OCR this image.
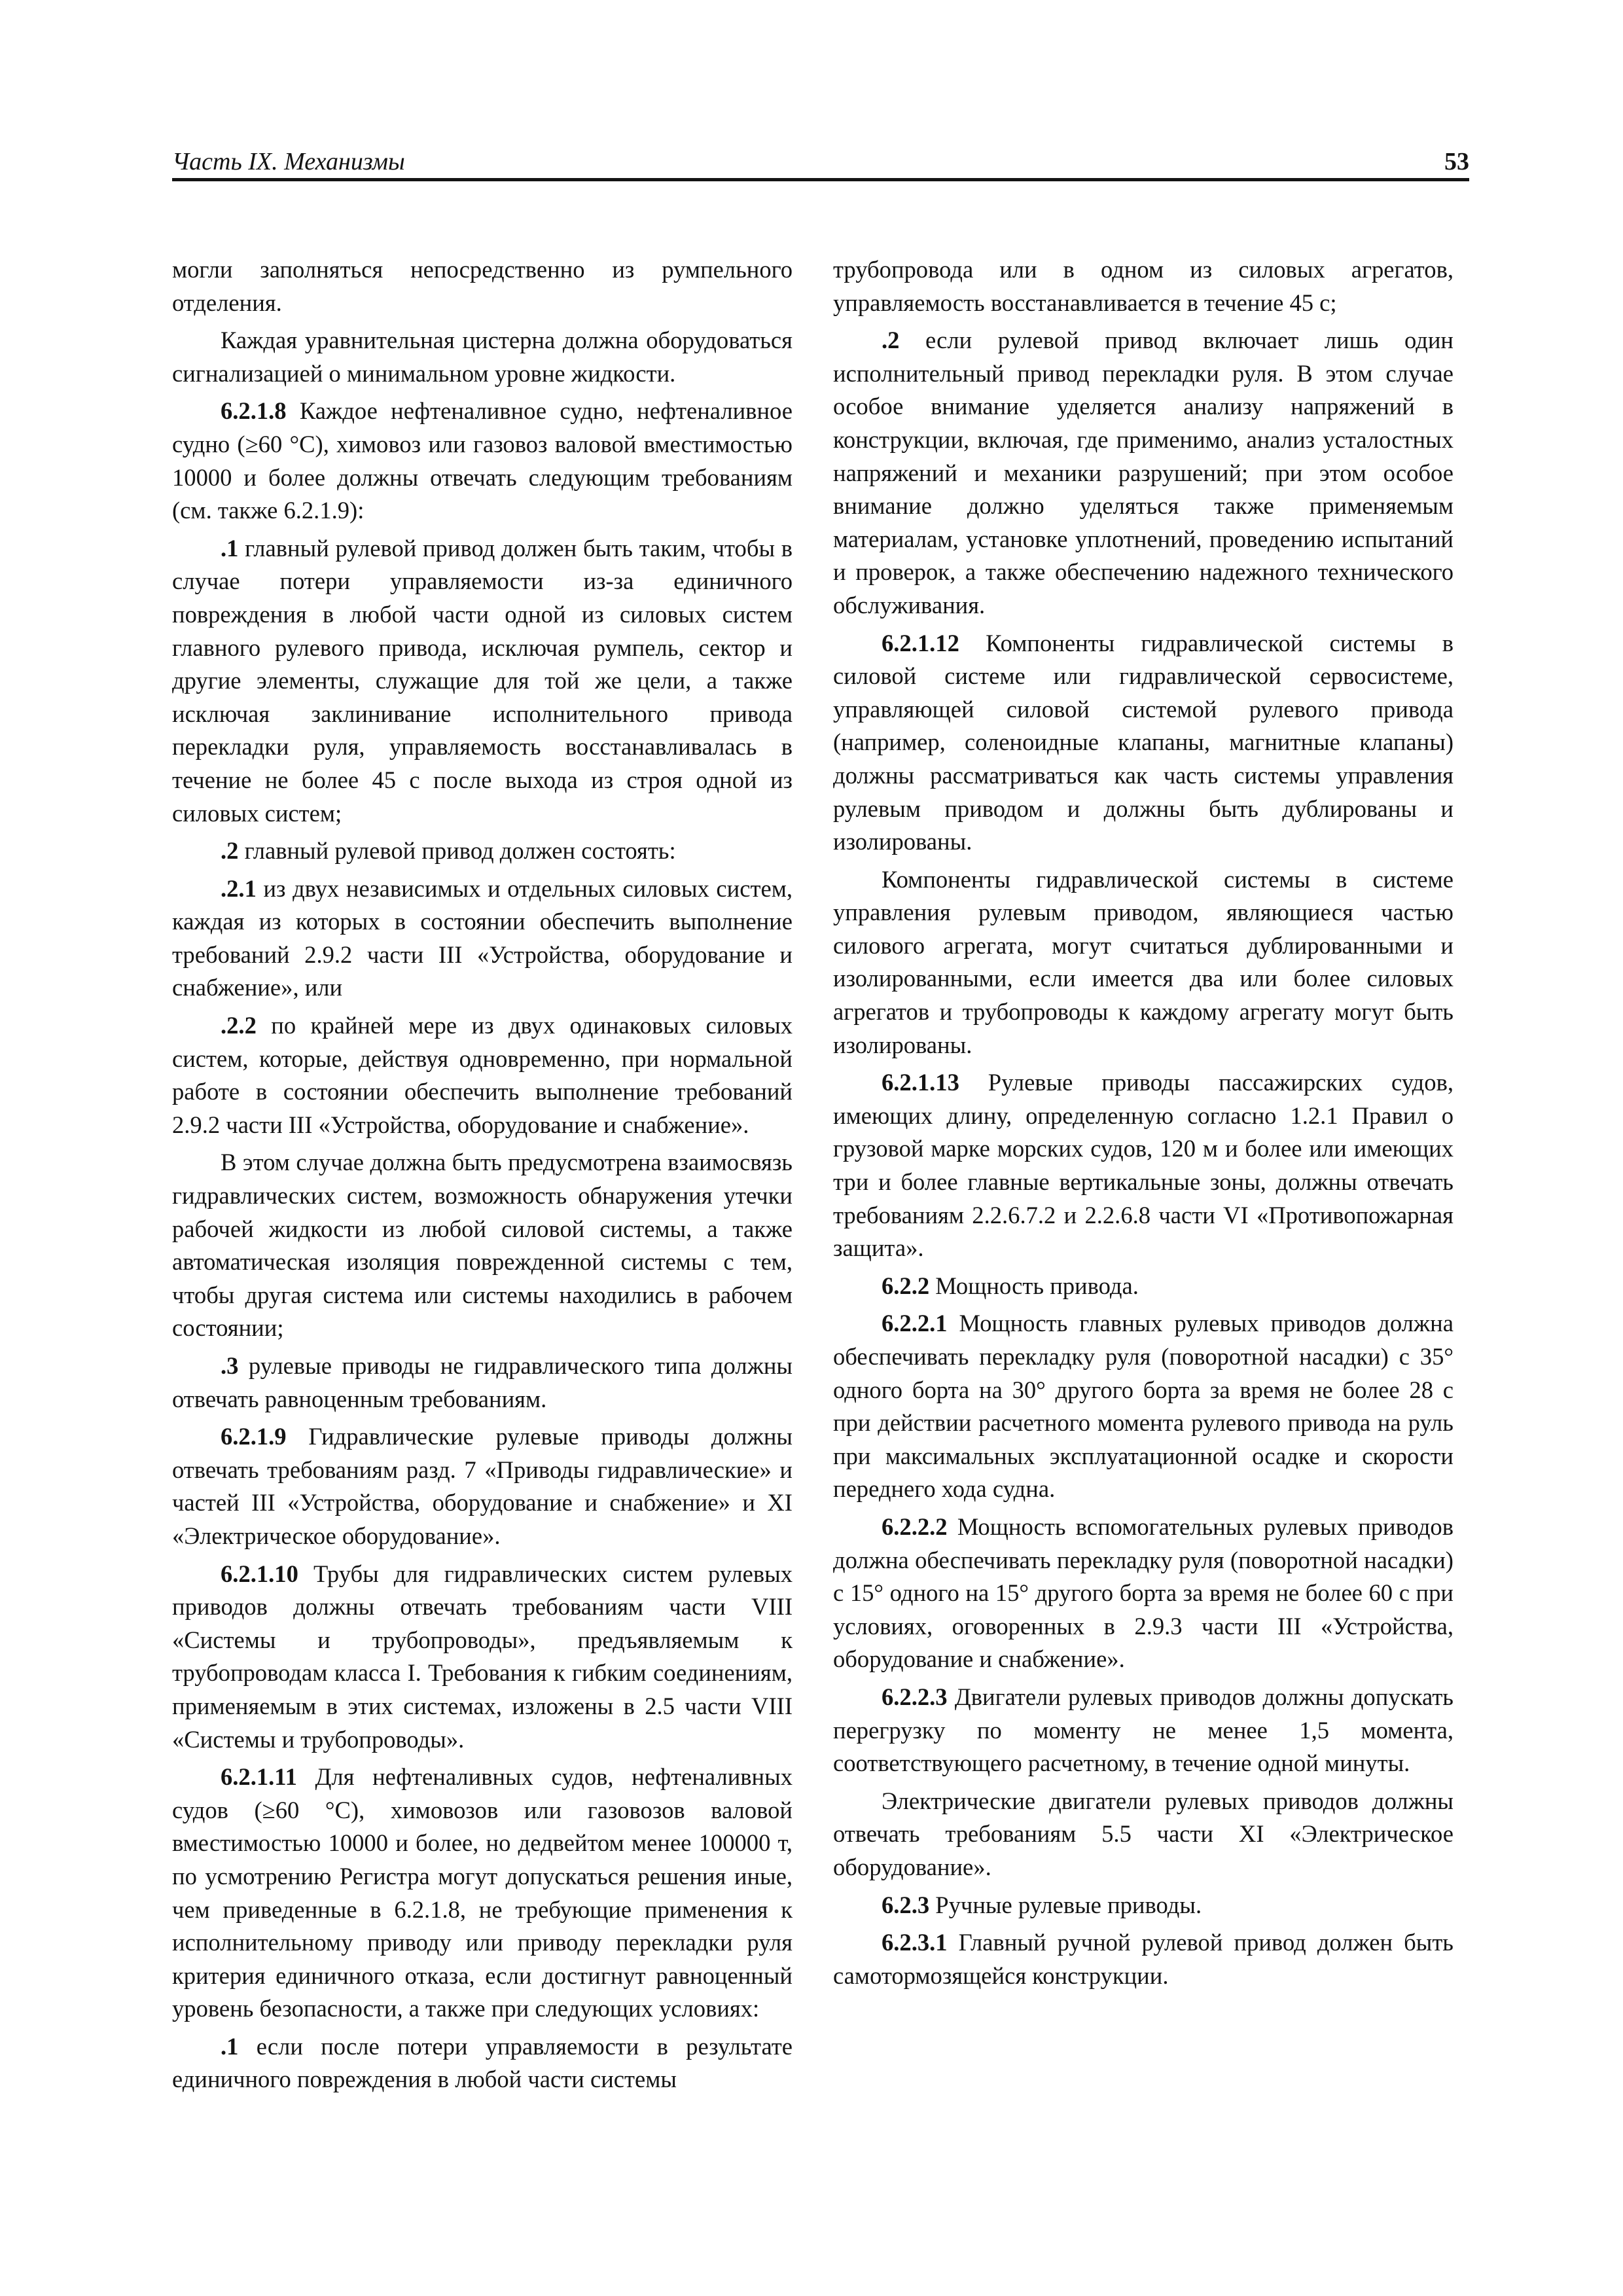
Часть IX. Механизмы	53

могли заполняться непосредственно из румпельного отделения.

Каждая уравнительная цистерна должна оборудоваться сигнализацией о минимальном уровне жидкости.

6.2.1.8 Каждое нефтеналивное судно, нефтеналивное судно (≥60 °С), химовоз или газовоз валовой вместимостью 10000 и более должны отвечать следующим требованиям (см. также 6.2.1.9):

.1 главный рулевой привод должен быть таким, чтобы в случае потери управляемости из-за единичного повреждения в любой части одной из силовых систем главного рулевого привода, исключая румпель, сектор и другие элементы, служащие для той же цели, а также исключая заклинивание исполнительного привода перекладки руля, управляемость восстанавливалась в течение не более 45 с после выхода из строя одной из силовых систем;

.2 главный рулевой привод должен состоять:

.2.1 из двух независимых и отдельных силовых систем, каждая из которых в состоянии обеспечить выполнение требований 2.9.2 части III «Устройства, оборудование и снабжение», или

.2.2 по крайней мере из двух одинаковых силовых систем, которые, действуя одновременно, при нормальной работе в состоянии обеспечить выполнение требований 2.9.2 части III «Устройства, оборудование и снабжение».

В этом случае должна быть предусмотрена взаимосвязь гидравлических систем, возможность обнаружения утечки рабочей жидкости из любой силовой системы, а также автоматическая изоляция поврежденной системы с тем, чтобы другая система или системы находились в рабочем состоянии;

.3 рулевые приводы не гидравлического типа должны отвечать равноценным требованиям.

6.2.1.9 Гидравлические рулевые приводы должны отвечать требованиям разд. 7 «Приводы гидравлические» и частей III «Устройства, оборудование и снабжение» и XI «Электрическое оборудование».

6.2.1.10 Трубы для гидравлических систем рулевых приводов должны отвечать требованиям части VIII «Системы и трубопроводы», предъявляемым к трубопроводам класса I. Требования к гибким соединениям, применяемым в этих системах, изложены в 2.5 части VIII «Системы и трубопроводы».

6.2.1.11 Для нефтеналивных судов, нефтеналивных судов (≥60 °С), химовозов или газовозов валовой вместимостью 10000 и более, но дедвейтом менее 100000 т, по усмотрению Регистра могут допускаться решения иные, чем приведенные в 6.2.1.8, не требующие применения к исполнительному приводу или приводу перекладки руля критерия единичного отказа, если достигнут равноценный уровень безопасности, а также при следующих условиях:

.1 если после потери управляемости в результате единичного повреждения в любой части системы

трубопровода или в одном из силовых агрегатов, управляемость восстанавливается в течение 45 с;

.2 если рулевой привод включает лишь один исполнительный привод перекладки руля. В этом случае особое внимание уделяется анализу напряжений в конструкции, включая, где применимо, анализ усталостных напряжений и механики разрушений; при этом особое внимание должно уделяться также применяемым материалам, установке уплотнений, проведению испытаний и проверок, а также обеспечению надежного технического обслуживания.

6.2.1.12 Компоненты гидравлической системы в силовой системе или гидравлической сервосистеме, управляющей силовой системой рулевого привода (например, соленоидные клапаны, магнитные клапаны) должны рассматриваться как часть системы управления рулевым приводом и должны быть дублированы и изолированы.

Компоненты гидравлической системы в системе управления рулевым приводом, являющиеся частью силового агрегата, могут считаться дублированными и изолированными, если имеется два или более силовых агрегатов и трубопроводы к каждому агрегату могут быть изолированы.

6.2.1.13 Рулевые приводы пассажирских судов, имеющих длину, определенную согласно 1.2.1 Правил о грузовой марке морских судов, 120 м и более или имеющих три и более главные вертикальные зоны, должны отвечать требованиям 2.2.6.7.2 и 2.2.6.8 части VI «Противопожарная защита».

6.2.2 Мощность привода.

6.2.2.1 Мощность главных рулевых приводов должна обеспечивать перекладку руля (поворотной насадки) с 35° одного борта на 30° другого борта за время не более 28 с при действии расчетного момента рулевого привода на руль при максимальных эксплуатационной осадке и скорости переднего хода судна.

6.2.2.2 Мощность вспомогательных рулевых приводов должна обеспечивать перекладку руля (поворотной насадки) с 15° одного на 15° другого борта за время не более 60 с при условиях, оговоренных в 2.9.3 части III «Устройства, оборудование и снабжение».

6.2.2.3 Двигатели рулевых приводов должны допускать перегрузку по моменту не менее 1,5 момента, соответствующего расчетному, в течение одной минуты.

Электрические двигатели рулевых приводов должны отвечать требованиям 5.5 части XI «Электрическое оборудование».

6.2.3 Ручные рулевые приводы.

6.2.3.1 Главный ручной рулевой привод должен быть самотормозящейся конструкции.
